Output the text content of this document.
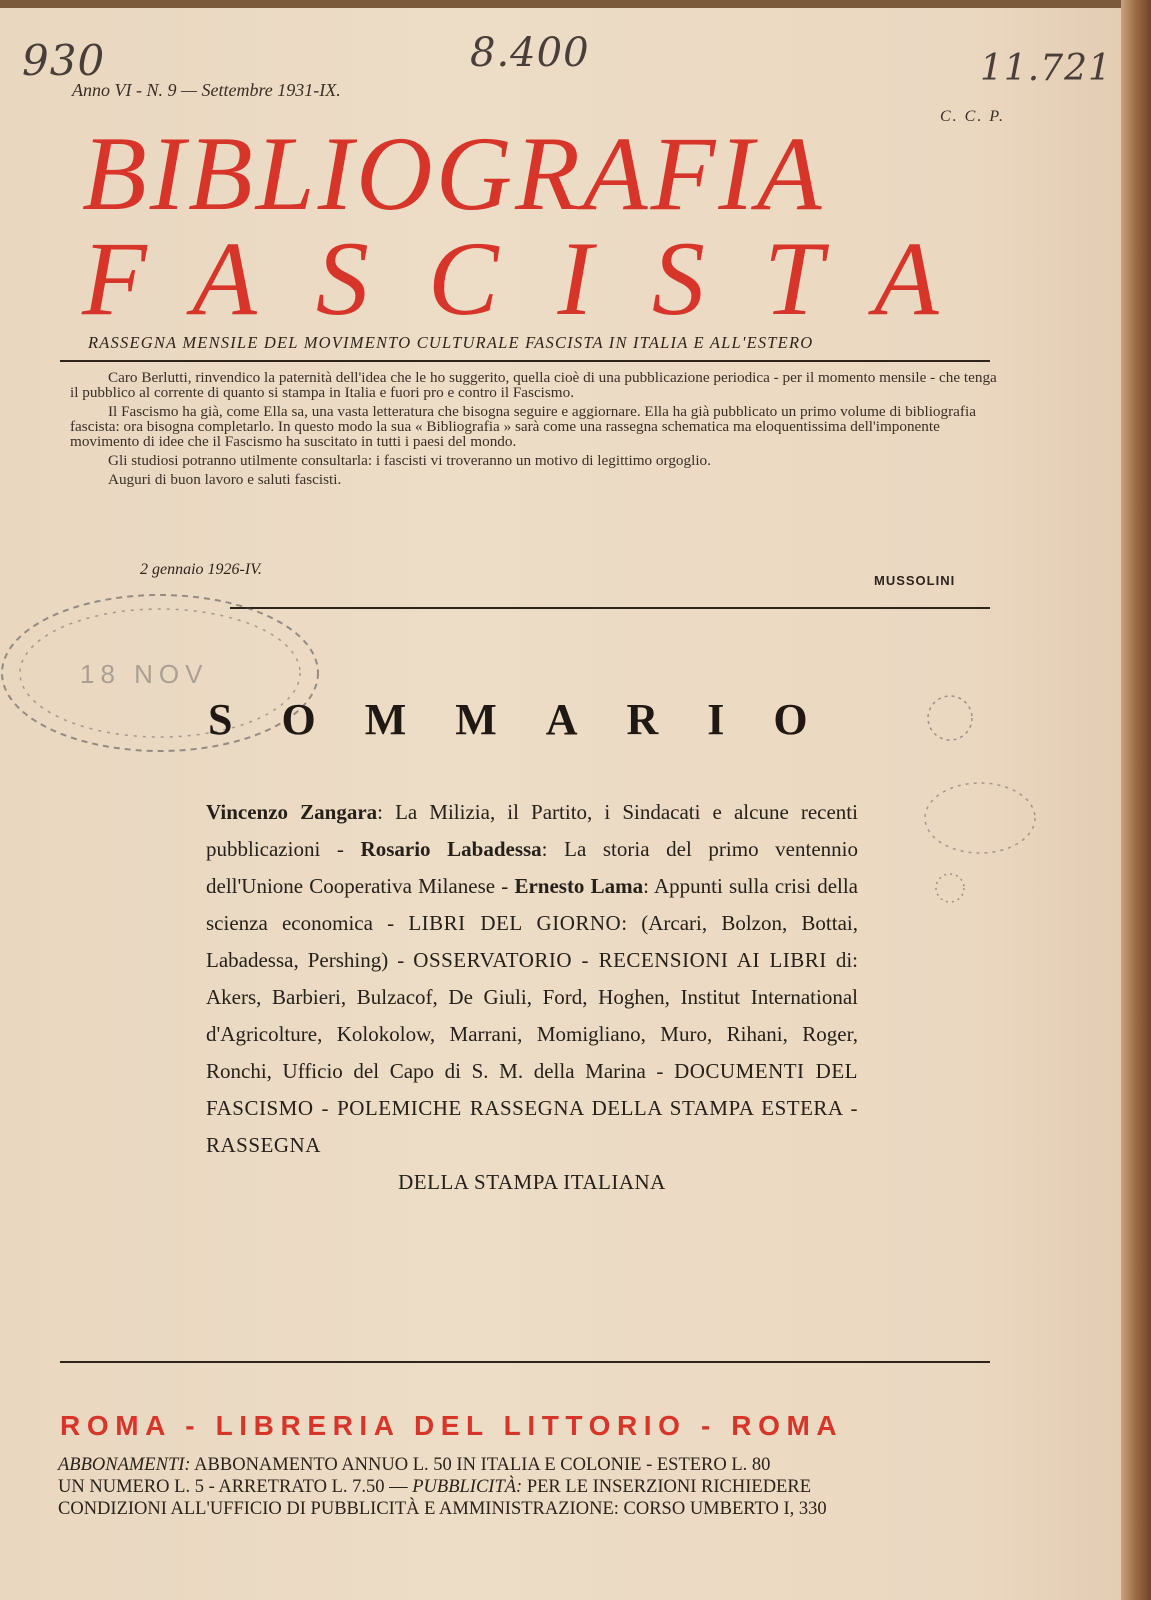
930	8.400	11.721
Anno VI - N. 9 — Settembre 1931-IX.
C. C. P.
BIBLIOGRAFIA
FASCISTA
RASSEGNA MENSILE DEL MOVIMENTO CULTURALE FASCISTA IN ITALIA E ALL'ESTERO

Caro Berlutti, rinvendico la paternità dell'idea che le ho suggerito, quella cioè di una pubblicazione periodica - per il momento mensile - che tenga il pubblico al corrente di quanto si stampa in Italia e fuori pro e contro il Fascismo.

Il Fascismo ha già, come Ella sa, una vasta letteratura che bisogna seguire e aggiornare. Ella ha già pubblicato un primo volume di bibliografia fascista: ora bisogna completarlo. In questo modo la sua « Bibliografia » sarà come una rassegna schematica ma eloquentissima dell'imponente movimento di idee che il Fascismo ha suscitato in tutti i paesi del mondo.

Gli studiosi potranno utilmente consultarla: i fascisti vi troveranno un motivo di legittimo orgoglio.

Auguri di buon lavoro e saluti fascisti.

2 gennaio 1926-IV.
MUSSOLINI
18 NOV
SOMMARIO
Vincenzo Zangara: La Milizia, il Partito, i Sindacati e alcune recenti pubblicazioni - Rosario Labadessa: La storia del primo ventennio dell'Unione Cooperativa Milanese - Ernesto Lama: Appunti sulla crisi della scienza economica - LIBRI DEL GIORNO: (Arcari, Bolzon, Bottai, Labadessa, Pershing) - OSSERVATORIO - RECENSIONI AI LIBRI di: Akers, Barbieri, Bulzacof, De Giuli, Ford, Hoghen, Institut International d'Agricolture, Kolokolow, Marrani, Momigliano, Muro, Rihani, Roger, Ronchi, Ufficio del Capo di S. M. della Marina - DOCUMENTI DEL FASCISMO - POLEMICHE RASSEGNA DELLA STAMPA ESTERA - RASSEGNA
DELLA STAMPA ITALIANA
ROMA - LIBRERIA DEL LITTORIO - ROMA
ABBONAMENTI: ABBONAMENTO ANNUO L. 50 IN ITALIA E COLONIE - ESTERO L. 80
UN NUMERO L. 5 - ARRETRATO L. 7.50 — PUBBLICITÀ: PER LE INSERZIONI RICHIEDERE
CONDIZIONI ALL'UFFICIO DI PUBBLICITÀ E AMMINISTRAZIONE: CORSO UMBERTO I, 330
